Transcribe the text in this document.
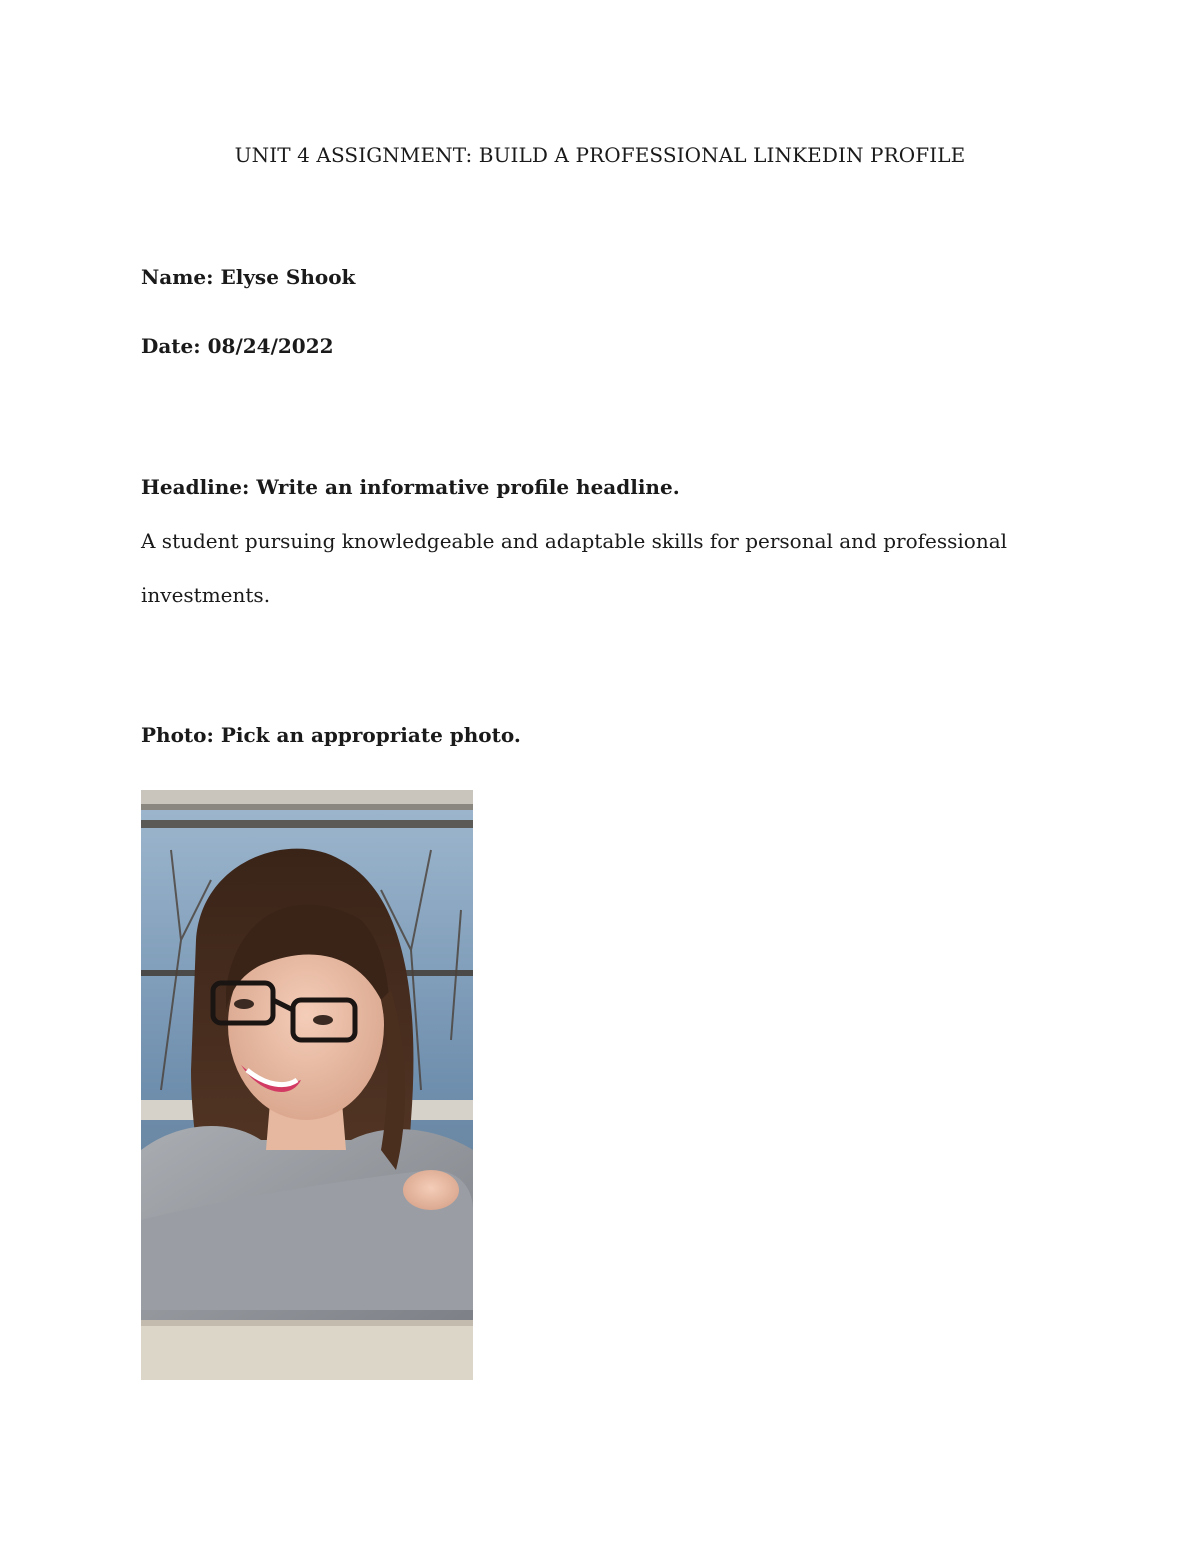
UNIT 4 ASSIGNMENT: BUILD A PROFESSIONAL LINKEDIN PROFILE
Name: Elyse Shook
Date: 08/24/2022
Headline: Write an informative profile headline.
A student pursuing knowledgeable and adaptable skills for personal and professional
investments.
Photo: Pick an appropriate photo.
